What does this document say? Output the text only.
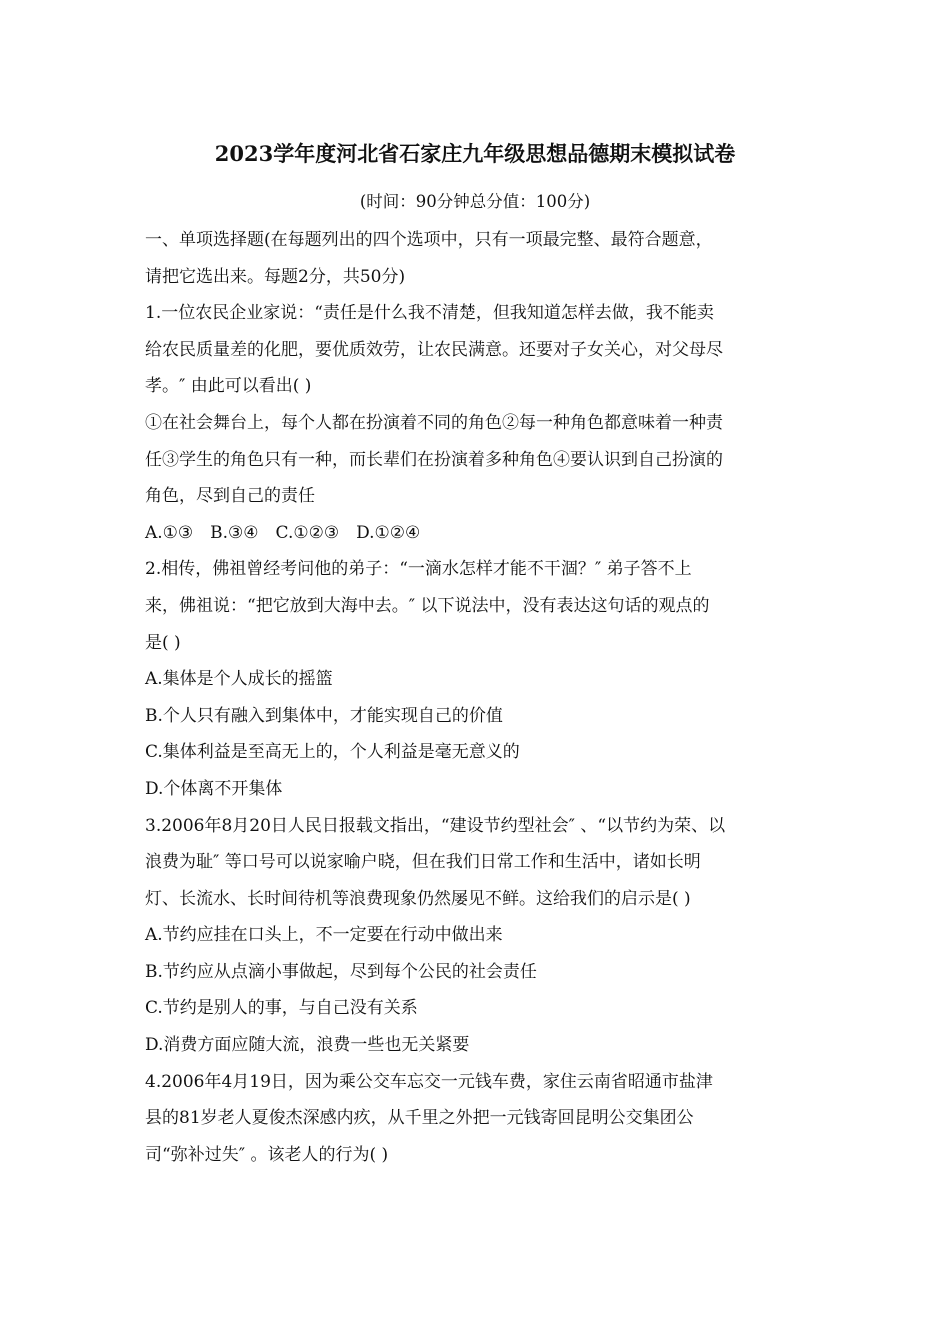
2023学年度河北省石家庄九年级思想品德期末模拟试卷
(时间：90分钟总分值：100分)
一、单项选择题(在每题列出的四个选项中，只有一项最完整、最符合题意，
请把它选出来。每题2分，共50分)
1.一位农民企业家说：“责任是什么我不清楚，但我知道怎样去做，我不能卖
给农民质量差的化肥，要优质效劳，让农民满意。还要对子女关心，对父母尽
孝。″ 由此可以看出( )
①在社会舞台上，每个人都在扮演着不同的角色②每一种角色都意味着一种责
任③学生的角色只有一种，而长辈们在扮演着多种角色④要认识到自己扮演的
角色，尽到自己的责任
A.①③　B.③④　C.①②③　D.①②④
2.相传，佛祖曾经考问他的弟子：“一滴水怎样才能不干涸？″ 弟子答不上
来，佛祖说：“把它放到大海中去。″ 以下说法中，没有表达这句话的观点的
是( )
A.集体是个人成长的摇篮
B.个人只有融入到集体中，才能实现自己的价值
C.集体利益是至高无上的，个人利益是毫无意义的
D.个体离不开集体
3.2006年8月20日人民日报载文指出，“建设节约型社会″ 、“以节约为荣、以
浪费为耻″ 等口号可以说家喻户晓，但在我们日常工作和生活中，诸如长明
灯、长流水、长时间待机等浪费现象仍然屡见不鲜。这给我们的启示是( )
A.节约应挂在口头上，不一定要在行动中做出来
B.节约应从点滴小事做起，尽到每个公民的社会责任
C.节约是别人的事，与自己没有关系
D.消费方面应随大流，浪费一些也无关紧要
4.2006年4月19日，因为乘公交车忘交一元钱车费，家住云南省昭通市盐津
县的81岁老人夏俊杰深感内疚，从千里之外把一元钱寄回昆明公交集团公
司“弥补过失″ 。该老人的行为( )
